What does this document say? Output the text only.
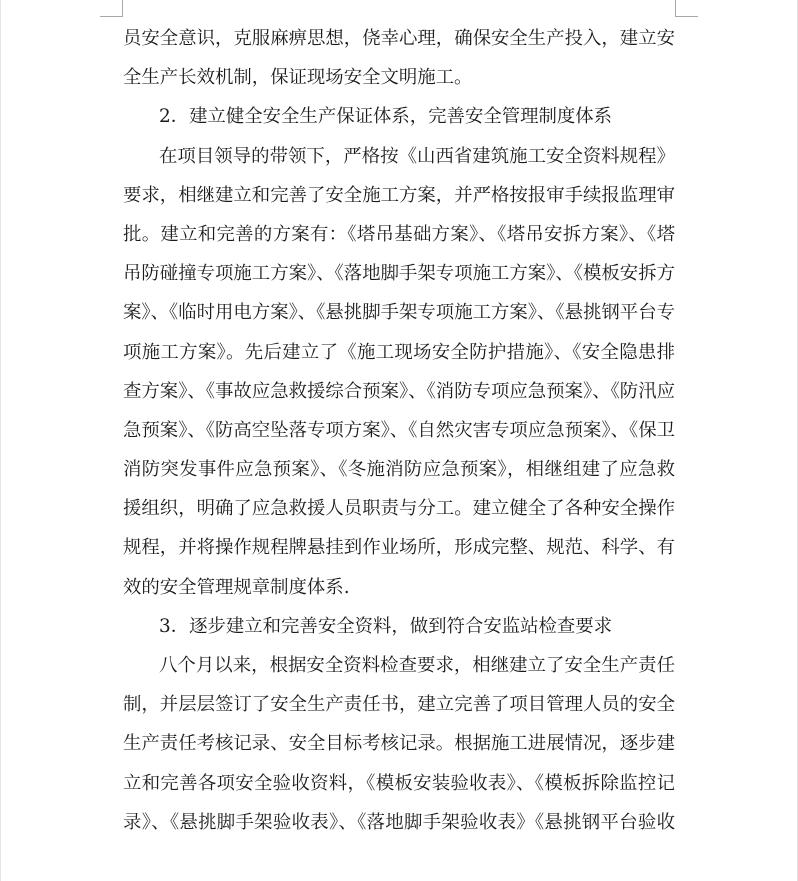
员安全意识，克服麻痹思想，侥幸心理，确保安全生产投入，建立安
全生产长效机制，保证现场安全文明施工。
2．建立健全安全生产保证体系，完善安全管理制度体系
在项目领导的带领下，严格按《山西省建筑施工安全资料规程》
要求，相继建立和完善了安全施工方案，并严格按报审手续报监理审
批。建立和完善的方案有：《塔吊基础方案》、《塔吊安拆方案》、《塔
吊防碰撞专项施工方案》、《落地脚手架专项施工方案》、《模板安拆方
案》、《临时用电方案》、《悬挑脚手架专项施工方案》、《悬挑钢平台专
项施工方案》。先后建立了《施工现场安全防护措施》、《安全隐患排
查方案》、《事故应急救援综合预案》、《消防专项应急预案》、《防汛应
急预案》、《防高空坠落专项方案》、《自然灾害专项应急预案》、《保卫
消防突发事件应急预案》、《冬施消防应急预案》，相继组建了应急救
援组织，明确了应急救援人员职责与分工。建立健全了各种安全操作
规程，并将操作规程牌悬挂到作业场所，形成完整、规范、科学、有
效的安全管理规章制度体系.
3．逐步建立和完善安全资料，做到符合安监站检查要求
八个月以来，根据安全资料检查要求，相继建立了安全生产责任
制，并层层签订了安全生产责任书，建立完善了项目管理人员的安全
生产责任考核记录、安全目标考核记录。根据施工进展情况，逐步建
立和完善各项安全验收资料，《模板安装验收表》、《模板拆除监控记
录》、《悬挑脚手架验收表》、《落地脚手架验收表》《悬挑钢平台验收
